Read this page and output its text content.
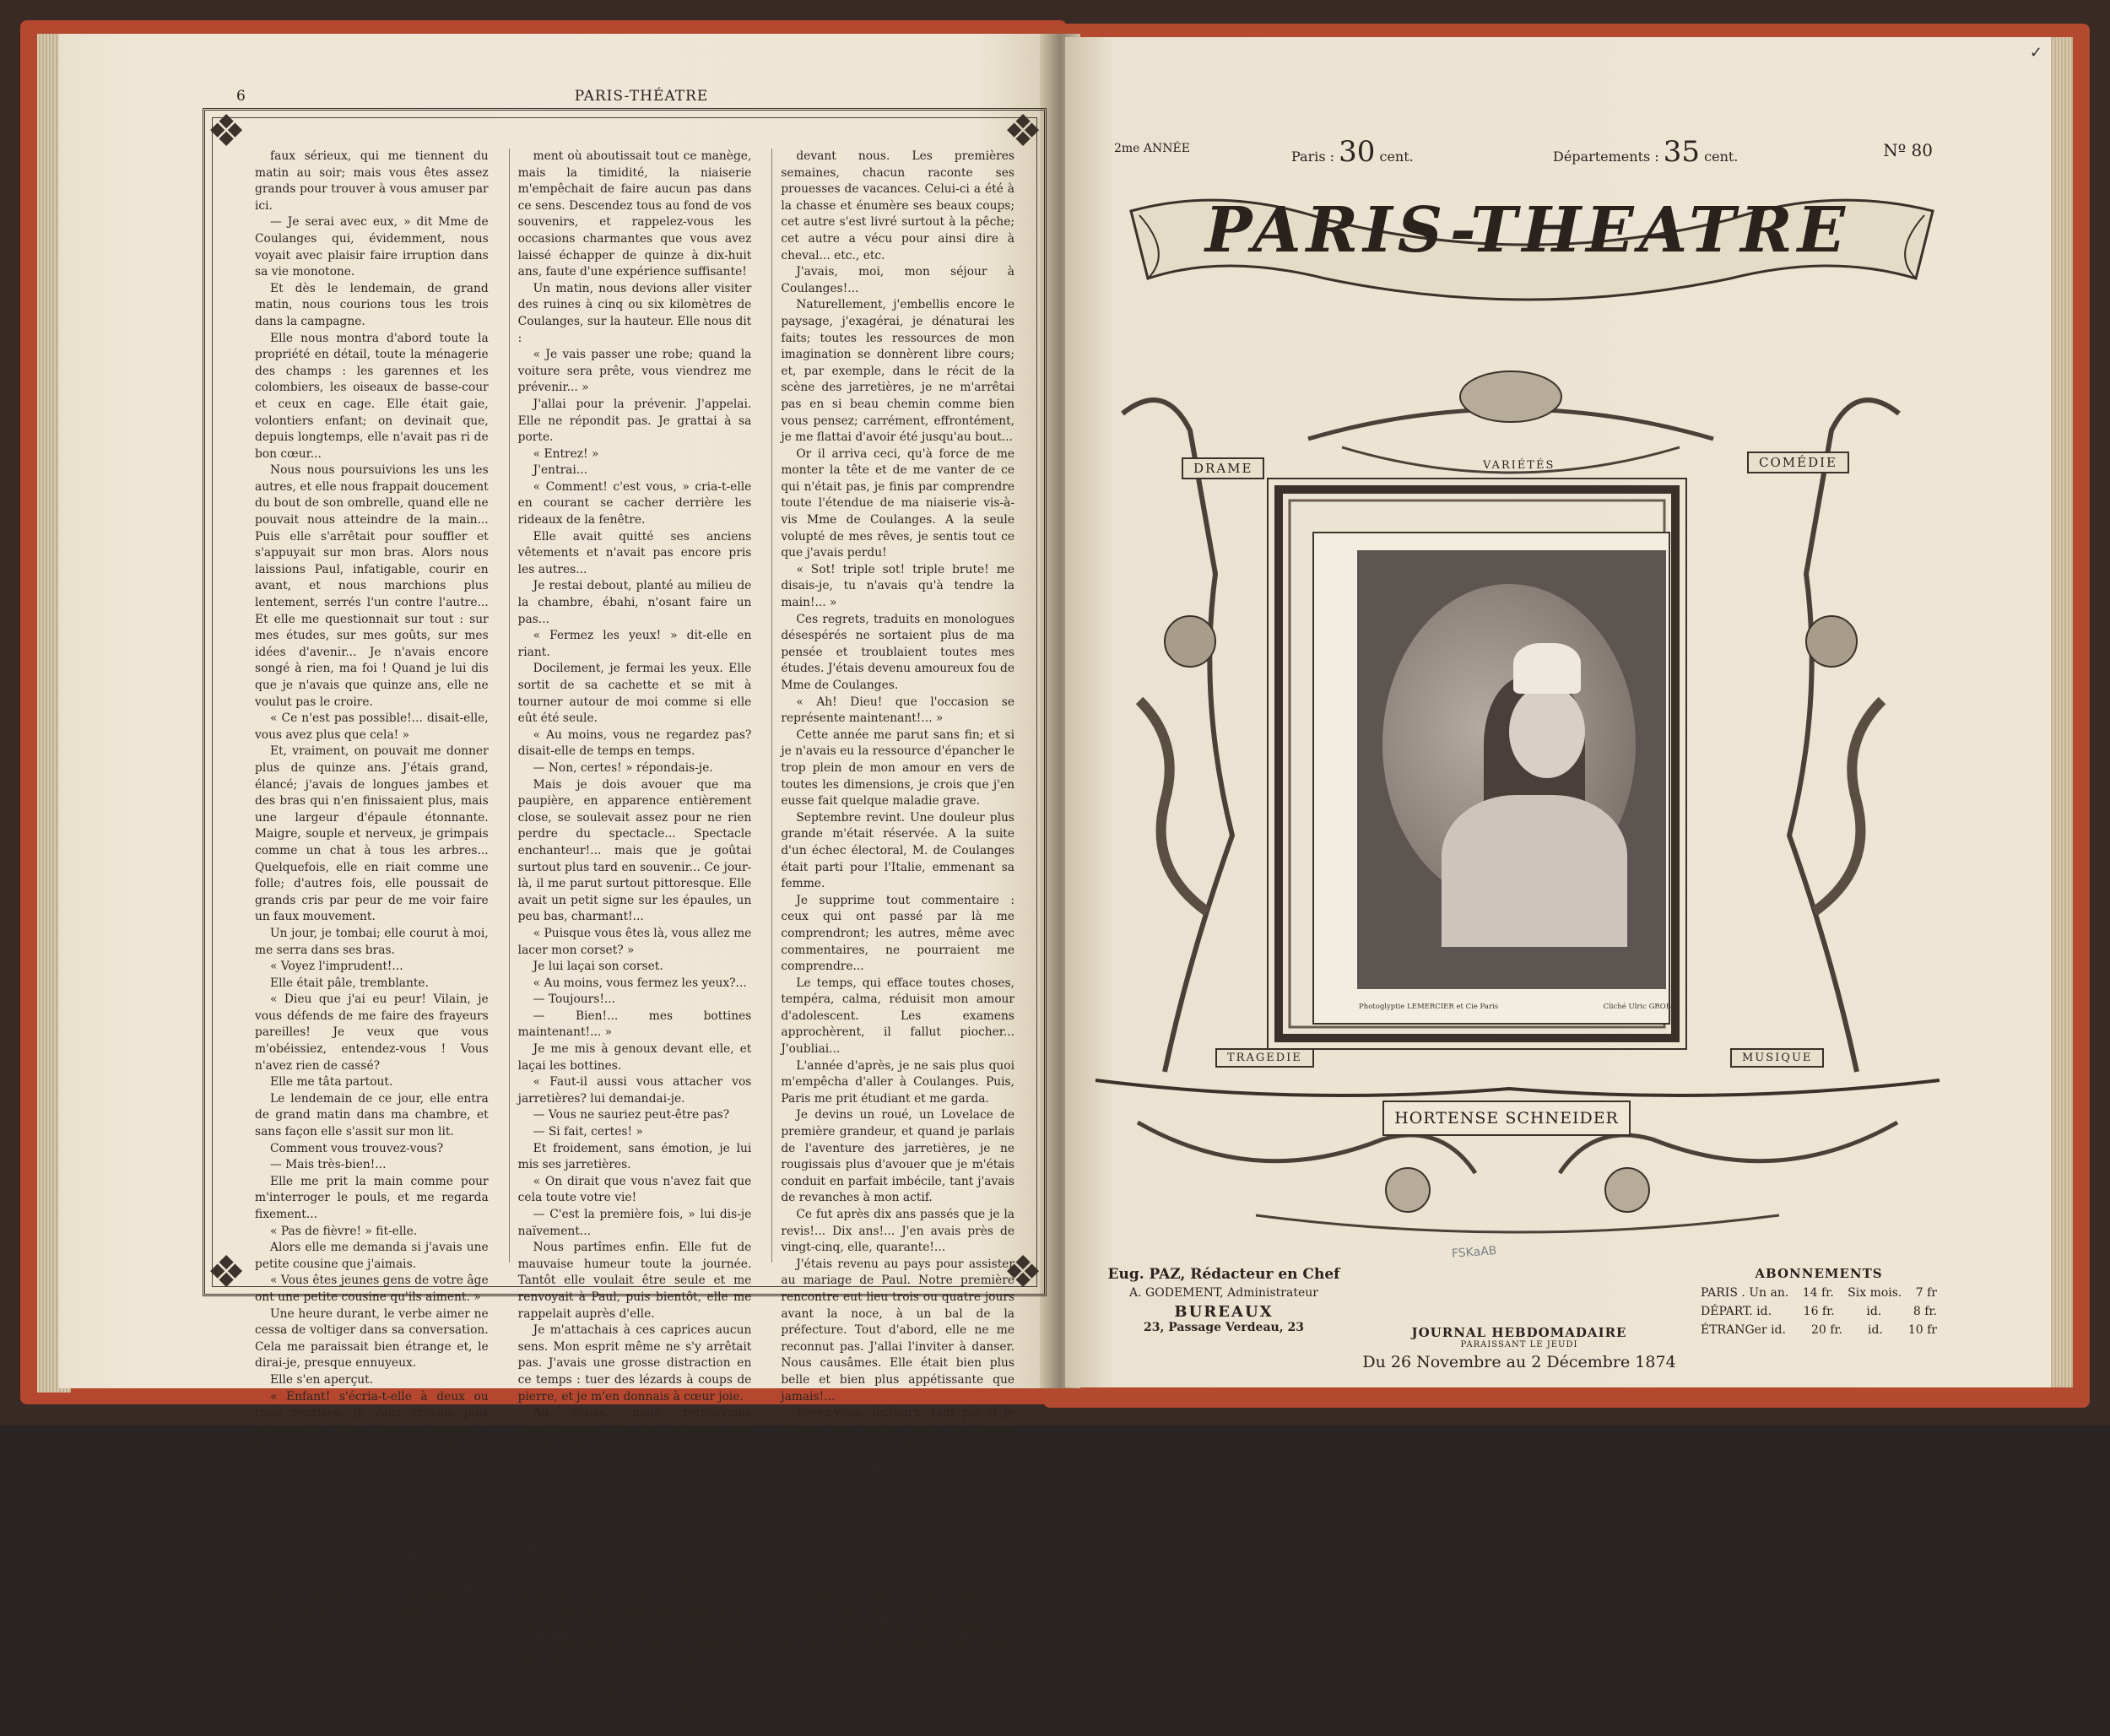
6	PARIS-THÉATRE
❖	❖
❖	❖

faux sérieux, qui me tiennent du matin au soir; mais vous êtes assez grands pour trouver à vous amuser par ici.

— Je serai avec eux, » dit Mme de Coulanges qui, évidemment, nous voyait avec plaisir faire irruption dans sa vie monotone.

Et dès le lendemain, de grand matin, nous courions tous les trois dans la campagne.

Elle nous montra d'abord toute la propriété en détail, toute la ménagerie des champs : les garennes et les colombiers, les oiseaux de basse-cour et ceux en cage. Elle était gaie, volontiers enfant; on devinait que, depuis longtemps, elle n'avait pas ri de bon cœur...

Nous nous poursuivions les uns les autres, et elle nous frappait doucement du bout de son ombrelle, quand elle ne pouvait nous atteindre de la main... Puis elle s'arrêtait pour souffler et s'appuyait sur mon bras. Alors nous laissions Paul, infatigable, courir en avant, et nous marchions plus lentement, serrés l'un contre l'autre... Et elle me questionnait sur tout : sur mes études, sur mes goûts, sur mes idées d'avenir... Je n'avais encore songé à rien, ma foi ! Quand je lui dis que je n'avais que quinze ans, elle ne voulut pas le croire.

« Ce n'est pas possible!... disait-elle, vous avez plus que cela! »

Et, vraiment, on pouvait me donner plus de quinze ans. J'étais grand, élancé; j'avais de longues jambes et des bras qui n'en finissaient plus, mais une largeur d'épaule étonnante. Maigre, souple et nerveux, je grimpais comme un chat à tous les arbres... Quelquefois, elle en riait comme une folle; d'autres fois, elle poussait de grands cris par peur de me voir faire un faux mouvement.

Un jour, je tombai; elle courut à moi, me serra dans ses bras.

« Voyez l'imprudent!...

Elle était pâle, tremblante.

« Dieu que j'ai eu peur! Vilain, je vous défends de me faire des frayeurs pareilles! Je veux que vous m'obéissiez, entendez-vous ! Vous n'avez rien de cassé?

Elle me tâta partout.

Le lendemain de ce jour, elle entra de grand matin dans ma chambre, et sans façon elle s'assit sur mon lit.

Comment vous trouvez-vous?

— Mais très-bien!...

Elle me prit la main comme pour m'interroger le pouls, et me regarda fixement...

« Pas de fièvre! » fit-elle.

Alors elle me demanda si j'avais une petite cousine que j'aimais.

« Vous êtes jeunes gens de votre âge ont une petite cousine qu'ils aiment. »

Une heure durant, le verbe aimer ne cessa de voltiger dans sa conversation. Cela me paraissait bien étrange et, le dirai-je, presque ennuyeux.

Elle s'en aperçut.

« Enfant! s'écria-t-elle à deux ou trois reprises, je vous croyais plus raisonnable. Vous êtes un homme!... Vous ne paraissez pas vous en douter! »

Elle m'appelait par mon petit nom, me serrait les doigts, me pinçait les bras; puis elle poursuivait :

« Avez-vous l'intention de vous marier?... Aimerez-vous votre femme?... Comment la voulez-vous? Serez-vous jaloux?... » etc., etc.

Je répondais à tout, en balbutiant...

Eh ! mon Dieu! je comprenais bien vague-

ment où aboutissait tout ce manège, mais la timidité, la niaiserie m'empêchait de faire aucun pas dans ce sens. Descendez tous au fond de vos souvenirs, et rappelez-vous les occasions charmantes que vous avez laissé échapper de quinze à dix-huit ans, faute d'une expérience suffisante!

Un matin, nous devions aller visiter des ruines à cinq ou six kilomètres de Coulanges, sur la hauteur. Elle nous dit :

« Je vais passer une robe; quand la voiture sera prête, vous viendrez me prévenir... »

J'allai pour la prévenir. J'appelai. Elle ne répondit pas. Je grattai à sa porte.

« Entrez! »

J'entrai...

« Comment! c'est vous, » cria-t-elle en courant se cacher derrière les rideaux de la fenêtre.

Elle avait quitté ses anciens vêtements et n'avait pas encore pris les autres...

Je restai debout, planté au milieu de la chambre, ébahi, n'osant faire un pas...

« Fermez les yeux! » dit-elle en riant.

Docilement, je fermai les yeux. Elle sortit de sa cachette et se mit à tourner autour de moi comme si elle eût été seule.

« Au moins, vous ne regardez pas? disait-elle de temps en temps.

— Non, certes! » répondais-je.

Mais je dois avouer que ma paupière, en apparence entièrement close, se soulevait assez pour ne rien perdre du spectacle... Spectacle enchanteur!... mais que je goûtai surtout plus tard en souvenir... Ce jour-là, il me parut surtout pittoresque. Elle avait un petit signe sur les épaules, un peu bas, charmant!...

« Puisque vous êtes là, vous allez me lacer mon corset? »

Je lui laçai son corset.

« Au moins, vous fermez les yeux?...

— Toujours!...

— Bien!... mes bottines maintenant!... »

Je me mis à genoux devant elle, et laçai les bottines.

« Faut-il aussi vous attacher vos jarretières? lui demandai-je.

— Vous ne sauriez peut-être pas?

— Si fait, certes! »

Et froidement, sans émotion, je lui mis ses jarretières.

« On dirait que vous n'avez fait que cela toute votre vie!

— C'est la première fois, » lui dis-je naïvement...

Nous partîmes enfin. Elle fut de mauvaise humeur toute la journée. Tantôt elle voulait être seule et me renvoyait à Paul, puis bientôt, elle me rappelait auprès d'elle.

Je m'attachais à ces caprices aucun sens. Mon esprit même ne s'y arrêtait pas. J'avais une grosse distraction en ce temps : tuer des lézards à coups de pierre, et je m'en donnais à cœur joie.

Au repas, nous retrouvions régulièrement Mme de Coulanges avec son livre. De temps en temps :

« Vous amusez-vous ici? nous demandait-il sans se déranger de sa lecture.

— Oh! oui, répondions-nous tout d'une voix.

— Allons! c'est bien! c'est bien! il faut que les enfants s'amusent. »

C'étaient là les seuls rapports que nous eussions avec lui.

Les vacances, cependant, touchaient à leur fin.

Il fallut songer au départ. Durant les derniers jours, Mme de Coulanges se montra avec moi pleine de réserve et presque de froideur...

Nous partîmes et le collège rouvrit ses portes

devant nous. Les premières semaines, chacun raconte ses prouesses de vacances. Celui-ci a été à la chasse et énumère ses beaux coups; cet autre s'est livré surtout à la pêche; cet autre a vécu pour ainsi dire à cheval... etc., etc.

J'avais, moi, mon séjour à Coulanges!...

Naturellement, j'embellis encore le paysage, j'exagérai, je dénaturai les faits; toutes les ressources de mon imagination se donnèrent libre cours; et, par exemple, dans le récit de la scène des jarretières, je ne m'arrêtai pas en si beau chemin comme bien vous pensez; carrément, effrontément, je me flattai d'avoir été jusqu'au bout...

Or il arriva ceci, qu'à force de me monter la tête et de me vanter de ce qui n'était pas, je finis par comprendre toute l'étendue de ma niaiserie vis-à-vis Mme de Coulanges. A la seule volupté de mes rêves, je sentis tout ce que j'avais perdu!

« Sot! triple sot! triple brute! me disais-je, tu n'avais qu'à tendre la main!... »

Ces regrets, traduits en monologues désespérés ne sortaient plus de ma pensée et troublaient toutes mes études. J'étais devenu amoureux fou de Mme de Coulanges.

« Ah! Dieu! que l'occasion se représente maintenant!... »

Cette année me parut sans fin; et si je n'avais eu la ressource d'épancher le trop plein de mon amour en vers de toutes les dimensions, je crois que j'en eusse fait quelque maladie grave.

Septembre revint. Une douleur plus grande m'était réservée. A la suite d'un échec électoral, M. de Coulanges était parti pour l'Italie, emmenant sa femme.

Je supprime tout commentaire : ceux qui ont passé par là me comprendront; les autres, même avec commentaires, ne pourraient me comprendre...

Le temps, qui efface toutes choses, tempéra, calma, réduisit mon amour d'adolescent. Les examens approchèrent, il fallut piocher... J'oubliai...

L'année d'après, je ne sais plus quoi m'empêcha d'aller à Coulanges. Puis, Paris me prit étudiant et me garda.

Je devins un roué, un Lovelace de première grandeur, et quand je parlais de l'aventure des jarretières, je ne rougissais plus d'avouer que je m'étais conduit en parfait imbécile, tant j'avais de revanches à mon actif.

Ce fut après dix ans passés que je la revis!... Dix ans!... J'en avais près de vingt-cinq, elle, quarante!...

J'étais revenu au pays pour assister au mariage de Paul. Notre première rencontre eut lieu trois ou quatre jours avant la noce, à un bal de la préfecture. Tout d'abord, elle ne me reconnut pas. J'allai l'inviter à danser. Nous causâmes. Elle était bien plus belle et bien plus appétissante que jamais!...

Voyez-vous, lecteurs, tant pis si je froisse vos goûts, mais la femme séduisante entre toutes, c'est la femme de quarante ans bien conservée.

Ah! que n'ai-je le temps de vous développer ma thèse!...

Ce sera pour une autre fois.

« Vous ne me reconnaissez pas? » lui dis-je entre deux figures de quadrille.

Je me nommai.

« Vous! » fit-elle un peu étonnée.

Elle rougit légèrement.

« Je vous ai bien aimée! ajoutai-je aussitôt avec un accent superbement lyrique.

✓
2me ANNÉE	Paris : 30 cent.	Départements : 35 cent.	Nº 80
PARIS-THEATRE
DRAME	VARIÉTÉS	COMÉDIE
TRAGEDIE	MUSIQUE
Photoglyptie LEMERCIER et Cie Paris	Cliché Ulric GROB
HORTENSE SCHNEIDER
FSKaAB
Eug. PAZ, Rédacteur en Chef
A. GODEMENT, Administrateur
BUREAUX
23, Passage Verdeau, 23	JOURNAL HEBDOMADAIRE
PARAISSANT LE JEUDI
Du 26 Novembre au 2 Décembre 1874
ABONNEMENTS
PARIS . Un an. 14 fr. Six mois. 7 fr
DÉPART. id.	16 fr.	id.	8 fr.
ÉTRANGer id. 20 fr. id. 10 fr
